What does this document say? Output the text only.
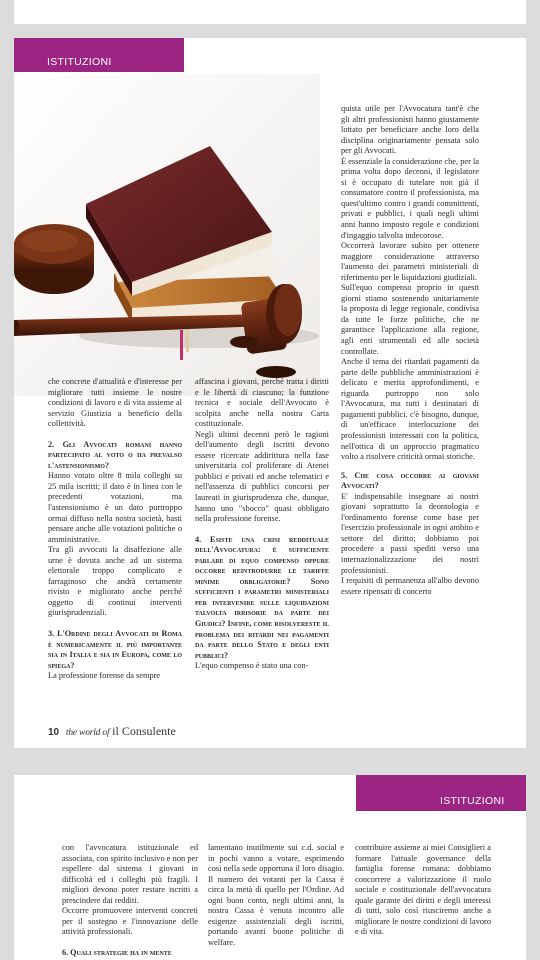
ISTITUZIONI

che concrete d'attualità e d'interesse per migliorare tutti insieme le nostre condizioni di lavoro e di vita assieme al servizio Giustizia a beneficio della collettività.

2. Gli Avvocati romani hanno partecipato al voto o ha prevalso l'astensionismo?

Hanno votato oltre 8 mila colleghi su 25 mila iscritti; il dato è in linea con le precedenti votazioni, ma l'astensionismo è un dato purtroppo ormai diffuso nella nostra società, basti pensare anche alle votazioni politiche o amministrative.

Tra gli avvocati la disaffezione alle urne è dovuta anche ad un sistema elettorale troppo complicato e farraginoso che andrà certamente rivisto e migliorato anche perché oggetto di continui interventi giurisprudenziali.

3. L'Ordine degli Avvocati di Roma è numericamente il più importante sia in Italia e sia in Europa, come lo spiega?

La professione forense da sempre

affascina i giovani, perché tratta i diritti e le libertà di ciascuno; la funzione tecnica e sociale dell'Avvocato è scolpita anche nella nostra Carta costituzionale.

Negli ultimi decenni però le ragioni dell'aumento degli iscritti devono essere ricercate addirittura nella fase universitaria col proliferare di Atenei pubblici e privati ed anche telematici e nell'assenza di pubblici concorsi per laureati in giurisprudenza che, dunque, hanno uno "sbocco" quasi obbligato nella professione forense.

4. Esiste una crisi reddituale dell'Avvocatura: è sufficiente parlare di equo compenso oppure occorre reintrodurre le tariffe minime obbligatorie? Sono sufficienti i parametri ministeriali per intervenire sulle liquidazioni talvolta irrisorie da parte dei Giudici? Infine, come risolvereste il problema dei ritardi nei pagamenti da parte dello Stato e degli enti pubblici?

L'equo compenso è stato una con-

quista utile per l'Avvocatura tant'è che gli altri professionisti hanno giustamente lottato per beneficiare anche loro della disciplina originariamente pensata solo per gli Avvocati.

È essenziale la considerazione che, per la prima volta dopo decenni, il legislatore si è occupato di tutelare non già il consumatore contro il professionista, ma quest'ultimo contro i grandi committenti, privati e pubblici, i quali negli ultimi anni hanno imposto regole e condizioni d'ingaggio talvolta indecorose.

Occorrerà lavorare subito per ottenere maggiore considerazione attraverso l'aumento dei parametri ministeriali di riferimento per le liquidazioni giudiziali.

Sull'equo compenso proprio in questi giorni stiamo sostenendo unitariamente la proposta di legge regionale, condivisa da tutte le forze politiche, che ne garantisce l'applicazione alla regione, agli enti strumentali ed alle società controllate.

Anche il tema dei ritardati pagamenti da parte delle pubbliche amministrazioni è delicato e merita approfondimenti, e riguarda purtroppo non solo l'Avvocatura, ma tutti i destinatari di pagamenti pubblici. c'è bisogno, dunque, di un'efficace interlocuzione dei professionisti interessati con la politica, nell'ottica di un approccio pragmatico volto a risolvere criticità ormai storiche.

5. Che cosa occorre ai giovani Avvocati?

E' indispensabile insegnare ai nostri giovani soprattutto la deontologia e l'ordinamento forense come base per l'esercizio professionale in ogni ambito e settore del diritto; dobbiamo poi procedere a passi spediti verso una internazionalizzazione dei nostri professionisti.

I requisiti di permanenza all'albo devono essere ripensati di concerto

10 the world of il Consulente
ISTITUZIONI

con l'avvocatura istituzionale ed associata, con spirito inclusivo e non per espellere dal sistema i giovani in difficoltà ed i colleghi più fragili. I migliori devono poter restare iscritti a prescindere dai redditi.

Occorre promuovere interventi concreti per il sostegno e l'innovazione delle attività professionali.

6. Quali strategie ha in mente

lamentano inutilmente sui c.d. social e in pochi vanno a votare, esprimendo così nella sede opportuna il loro disagio. Il numero dei votanti per la Cassa è circa la metà di quello per l'Ordine. Ad ogni buon conto, negli ultimi anni, la nostra Cassa è venuta incontro alle esigenze assistenziali degli iscritti, portando avanti buone politiche di welfare.

contribuire assieme ai miei Consiglieri a formare l'attuale governance della famiglia forense romana: dobbiamo concorrere a valorizzazione il ruolo sociale e costituzionale dell'avvocatura quale garante dei diritti e degli interessi di tutti, solo così riusciremo anche a migliorare le nostre condizioni di lavoro e di vita.
